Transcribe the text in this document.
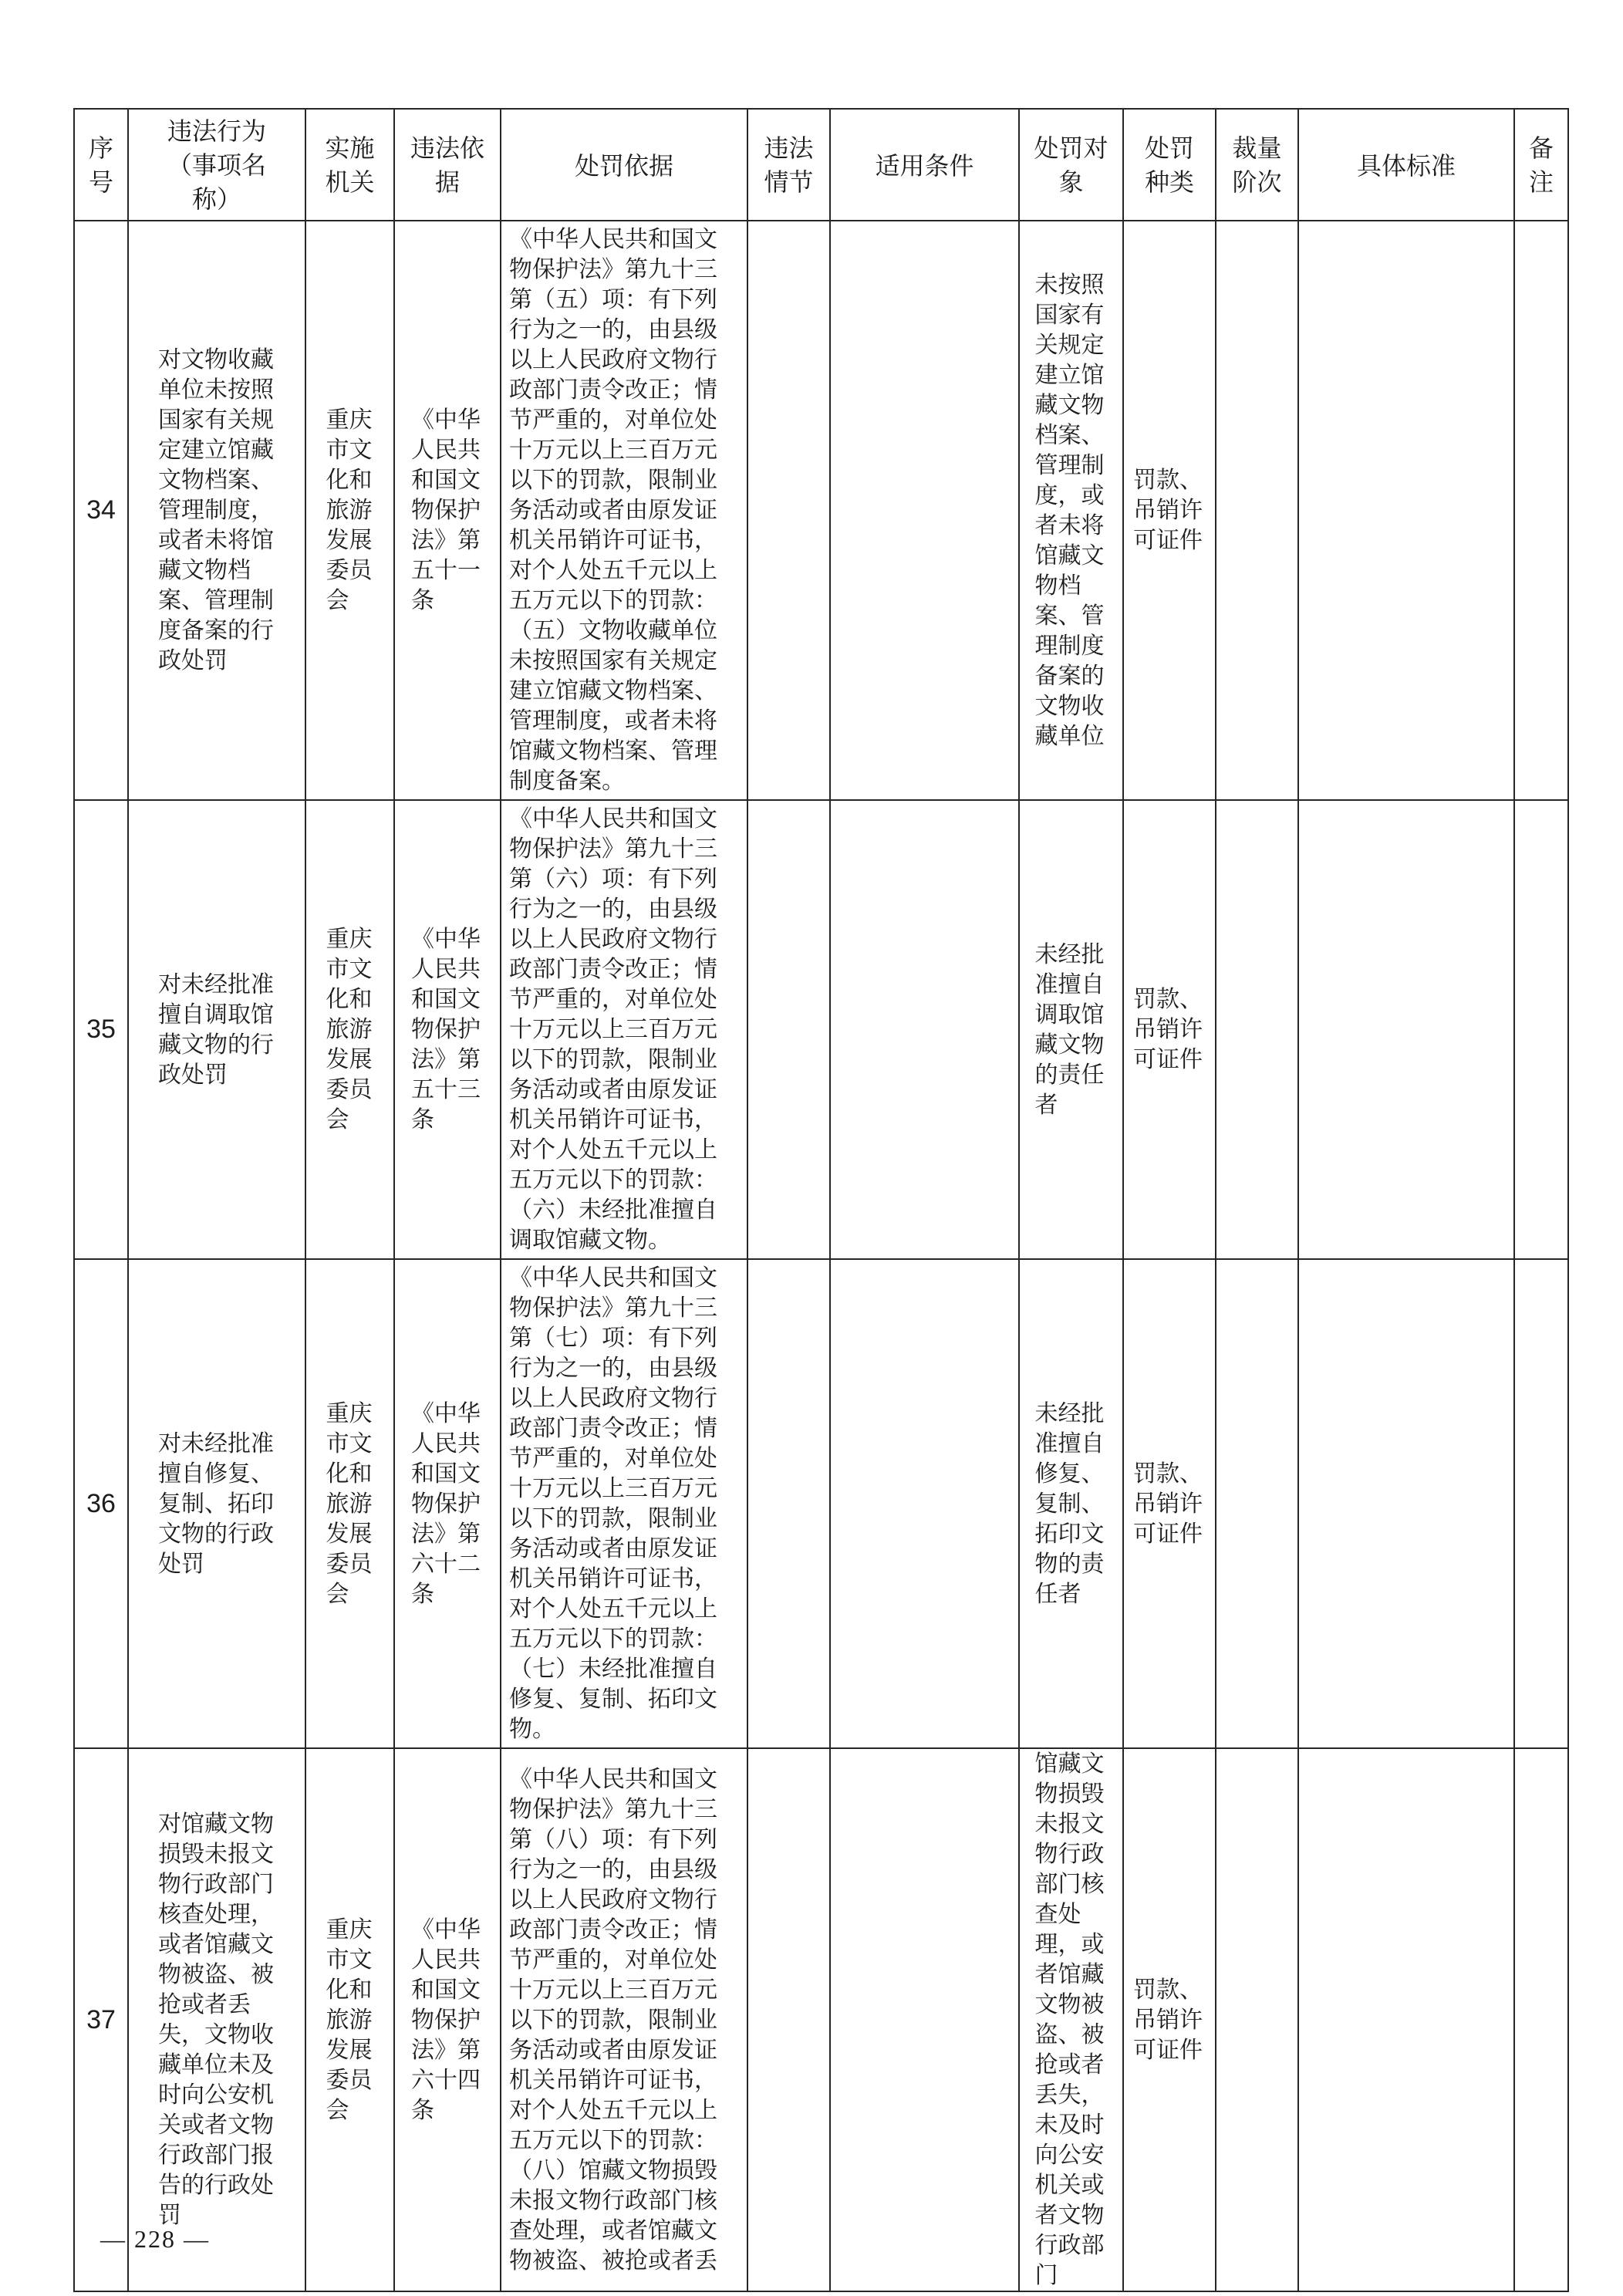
序号	违法行为（事项名称）	实施机关	违法依据	处罚依据	违法情节	适用条件	处罚对象	处罚种类	裁量阶次	具体标准	备注
34	对文物收藏单位未按照国家有关规定建立馆藏文物档案、管理制度，或者未将馆藏文物档案、管理制度备案的行政处罚	重庆市文化和旅游发展委员会	《中华人民共和国文物保护法》第五十一条	《中华人民共和国文物保护法》第九十三第（五）项：有下列行为之一的，由县级以上人民政府文物行政部门责令改正；情节严重的，对单位处十万元以上三百万元以下的罚款，限制业务活动或者由原发证机关吊销许可证书，对个人处五千元以上五万元以下的罚款：（五）文物收藏单位未按照国家有关规定建立馆藏文物档案、管理制度，或者未将馆藏文物档案、管理制度备案。			未按照国家有关规定建立馆藏文物档案、管理制度，或者未将馆藏文物档案、管理制度备案的文物收藏单位	罚款、吊销许可证件			
35	对未经批准擅自调取馆藏文物的行政处罚	重庆市文化和旅游发展委员会	《中华人民共和国文物保护法》第五十三条	《中华人民共和国文物保护法》第九十三第（六）项：有下列行为之一的，由县级以上人民政府文物行政部门责令改正；情节严重的，对单位处十万元以上三百万元以下的罚款，限制业务活动或者由原发证机关吊销许可证书，对个人处五千元以上五万元以下的罚款：（六）未经批准擅自调取馆藏文物。			未经批准擅自调取馆藏文物的责任者	罚款、吊销许可证件			
36	对未经批准擅自修复、复制、拓印文物的行政处罚	重庆市文化和旅游发展委员会	《中华人民共和国文物保护法》第六十二条	《中华人民共和国文物保护法》第九十三第（七）项：有下列行为之一的，由县级以上人民政府文物行政部门责令改正；情节严重的，对单位处十万元以上三百万元以下的罚款，限制业务活动或者由原发证机关吊销许可证书，对个人处五千元以上五万元以下的罚款：（七）未经批准擅自修复、复制、拓印文物。			未经批准擅自修复、复制、拓印文物的责任者	罚款、吊销许可证件			
37	对馆藏文物损毁未报文物行政部门核查处理，或者馆藏文物被盗、被抢或者丢失，文物收藏单位未及时向公安机关或者文物行政部门报告的行政处罚	重庆市文化和旅游发展委员会	《中华人民共和国文物保护法》第六十四条	《中华人民共和国文物保护法》第九十三第（八）项：有下列行为之一的，由县级以上人民政府文物行政部门责令改正；情节严重的，对单位处十万元以上三百万元以下的罚款，限制业务活动或者由原发证机关吊销许可证书，对个人处五千元以上五万元以下的罚款：（八）馆藏文物损毁未报文物行政部门核查处理，或者馆藏文物被盗、被抢或者丢			馆藏文物损毁未报文物行政部门核查处理，或者馆藏文物被盗、被抢或者丢失，未及时向公安机关或者文物行政部门	罚款、吊销许可证件			
— 228 —
